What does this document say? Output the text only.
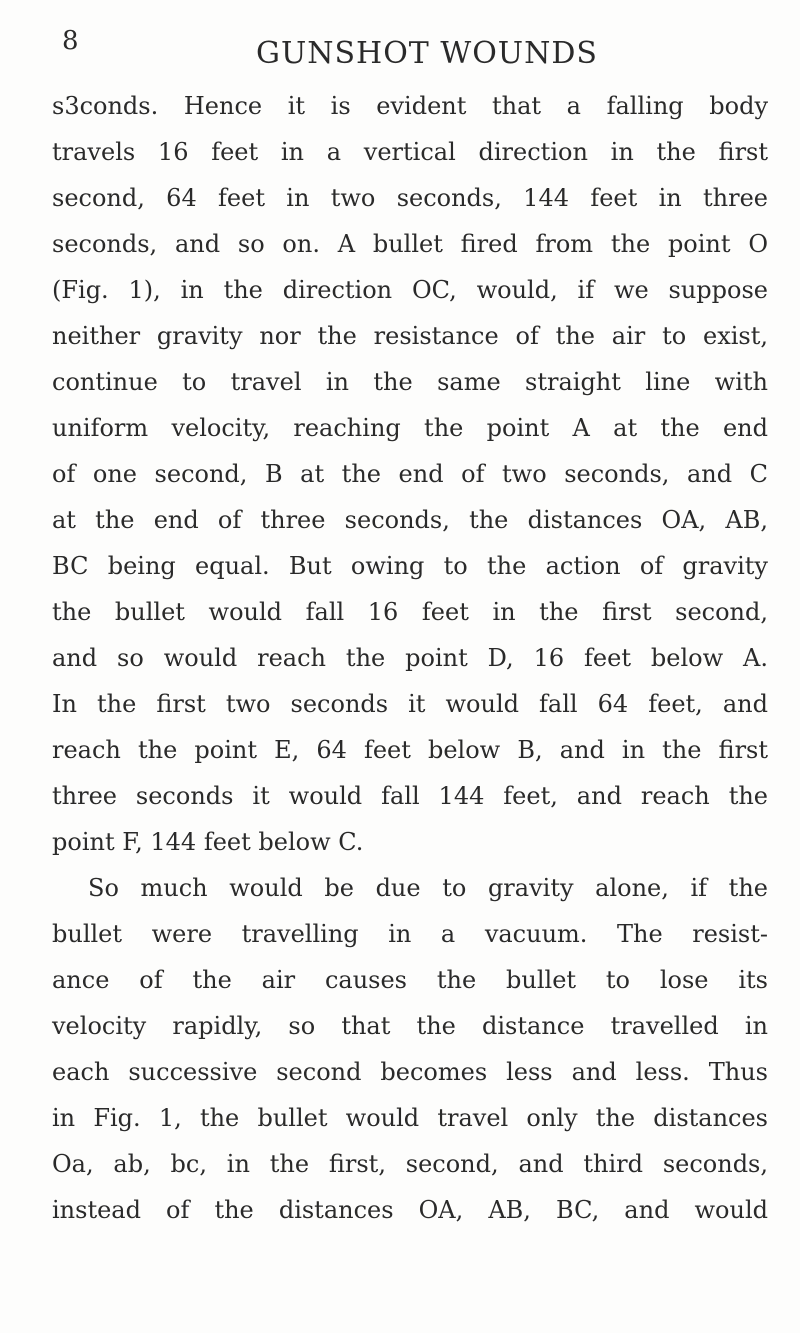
8	GUNSHOT WOUNDS
s3conds. Hence it is evident that a falling body
travels 16 feet in a vertical direction in the first
second, 64 feet in two seconds, 144 feet in three
seconds, and so on. A bullet fired from the point O
(Fig. 1), in the direction OC, would, if we suppose
neither gravity nor the resistance of the air to exist,
continue to travel in the same straight line with
uniform velocity, reaching the point A at the end
of one second, B at the end of two seconds, and C
at the end of three seconds, the distances OA, AB,
BC being equal. But owing to the action of gravity
the bullet would fall 16 feet in the first second,
and so would reach the point D, 16 feet below A.
In the first two seconds it would fall 64 feet, and
reach the point E, 64 feet below B, and in the first
three seconds it would fall 144 feet, and reach the
point F, 144 feet below C.
So much would be due to gravity alone, if the
bullet were travelling in a vacuum. The resist-
ance of the air causes the bullet to lose its
velocity rapidly, so that the distance travelled in
each successive second becomes less and less. Thus
in Fig. 1, the bullet would travel only the distances
Oa, ab, bc, in the first, second, and third seconds,
instead of the distances OA, AB, BC, and would
